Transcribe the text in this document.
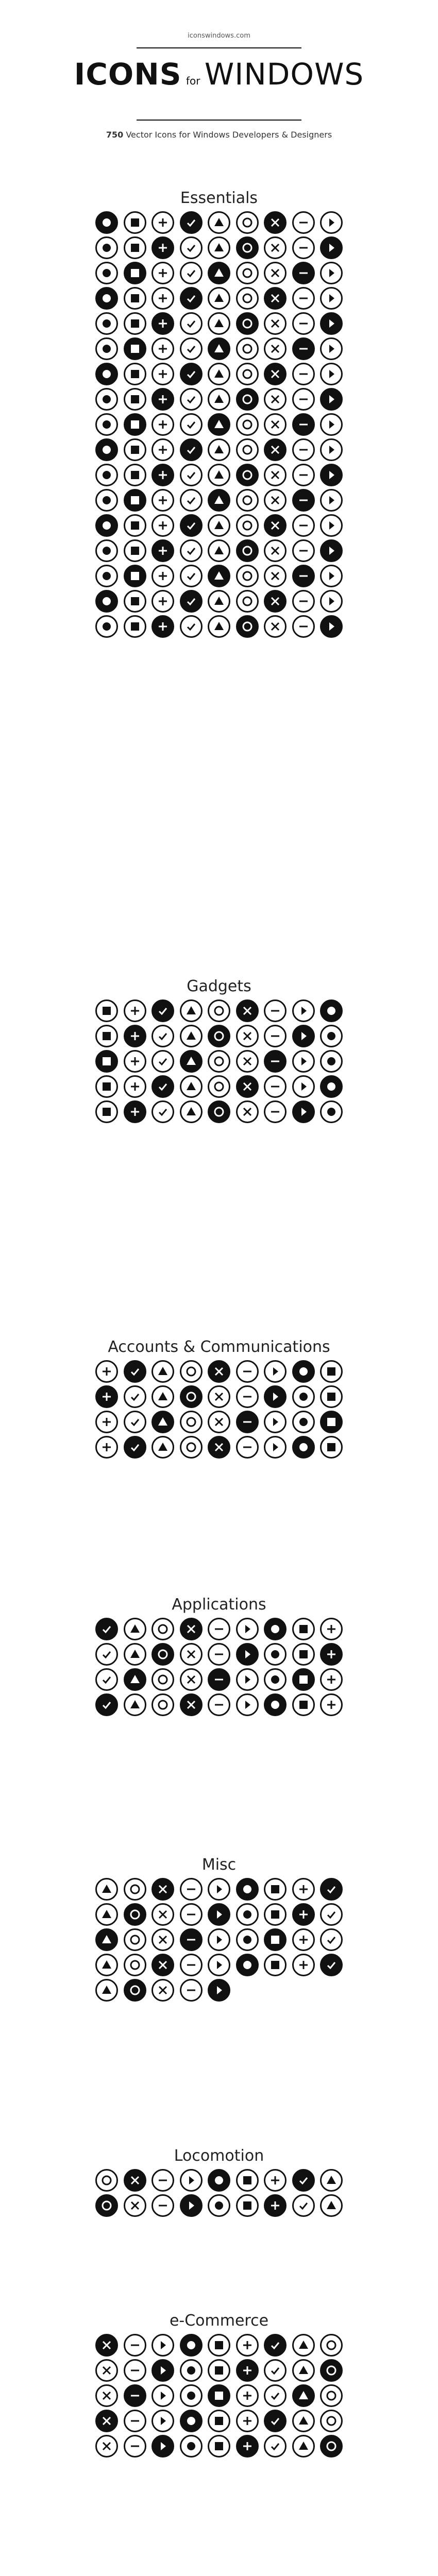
iconswindows.com
ICONS for WINDOWS
750 Vector Icons for Windows Developers & Designers
Essentials
Gadgets
Accounts & Communications
Applications
Misc
Locomotion
e-Commerce
